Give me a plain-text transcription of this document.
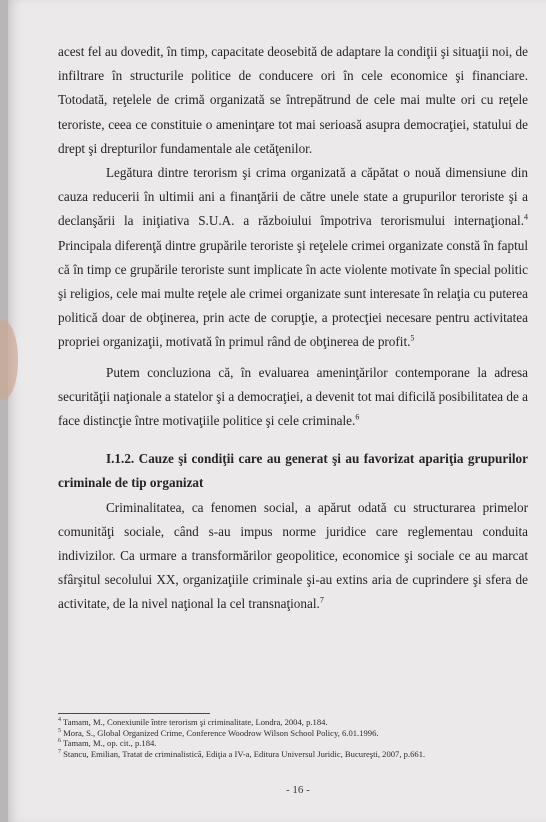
acest fel au dovedit, în timp, capacitate deosebită de adaptare la condiţii şi situaţii noi, de infiltrare în structurile politice de conducere ori în cele economice şi financiare. Totodată, reţelele de crimă organizată se întrepătrund de cele mai multe ori cu reţele teroriste, ceea ce constituie o ameninţare tot mai serioasă asupra democraţiei, statului de drept şi drepturilor fundamentale ale cetăţenilor.

Legătura dintre terorism şi crima organizată a căpătat o nouă dimensiune din cauza reducerii în ultimii ani a finanţării de către unele state a grupurilor teroriste şi a declanşării la iniţiativa S.U.A. a războiului împotriva terorismului internaţional.$^4$ Principala diferenţă dintre grupările teroriste şi reţelele crimei organizate constă în faptul că în timp ce grupările teroriste sunt implicate în acte violente motivate în special politic şi religios, cele mai multe reţele ale crimei organizate sunt interesate în relaţia cu puterea politică doar de obţinerea, prin acte de corupţie, a protecţiei necesare pentru activitatea propriei organizaţii, motivată în primul rând de obţinerea de profit.$^5$

Putem concluziona că, în evaluarea ameninţărilor contemporane la adresa securităţii naţionale a statelor şi a democraţiei, a devenit tot mai dificilă posibilitatea de a face distincţie între motivaţiile politice şi cele criminale.$^6$

I.1.2. Cauze şi condiţii care au generat şi au favorizat apariţia grupurilor criminale de tip organizat

Criminalitatea, ca fenomen social, a apărut odată cu structurarea primelor comunităţi sociale, când s-au impus norme juridice care reglementau conduita indivizilor. Ca urmare a transformărilor geopolitice, economice şi sociale ce au marcat sfârşitul secolului XX, organizaţiile criminale şi-au extins aria de cuprindere şi sfera de activitate, de la nivel naţional la cel transnaţional.$^7$

$^4$ Tamam, M., Conexiunile între terorism şi criminalitate, Londra, 2004, p.184.
$^5$ Mora, S., Global Organized Crime, Conference Woodrow Wilson School Policy, 6.01.1996.
$^6$ Tamam, M., op. cit., p.184.
$^7$ Stancu, Emilian, Tratat de criminalistică, Ediţia a IV-a, Editura Universul Juridic, Bucureşti, 2007, p.661.
- 16 -
